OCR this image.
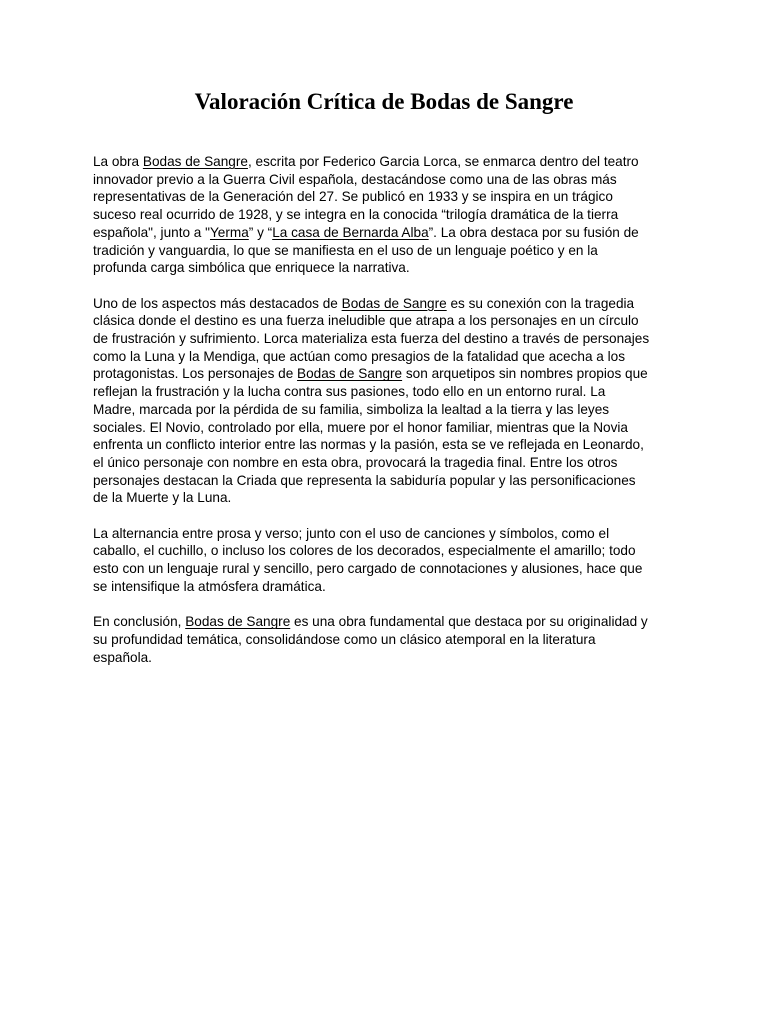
Valoración Crítica de Bodas de Sangre

La obra Bodas de Sangre, escrita por Federico Garcia Lorca, se enmarca dentro del teatro
innovador previo a la Guerra Civil española, destacándose como una de las obras más
representativas de la Generación del 27. Se publicó en 1933 y se inspira en un trágico
suceso real ocurrido de 1928, y se integra en la conocida “trilogía dramática de la tierra
española", junto a "Yerma” y “La casa de Bernarda Alba”. La obra destaca por su fusión de
tradición y vanguardia, lo que se manifiesta en el uso de un lenguaje poético y en la
profunda carga simbólica que enriquece la narrativa.

Uno de los aspectos más destacados de Bodas de Sangre es su conexión con la tragedia
clásica donde el destino es una fuerza ineludible que atrapa a los personajes en un círculo
de frustración y sufrimiento. Lorca materializa esta fuerza del destino a través de personajes
como la Luna y la Mendiga, que actúan como presagios de la fatalidad que acecha a los
protagonistas. Los personajes de Bodas de Sangre son arquetipos sin nombres propios que
reflejan la frustración y la lucha contra sus pasiones, todo ello en un entorno rural. La
Madre, marcada por la pérdida de su familia, simboliza la lealtad a la tierra y las leyes
sociales. El Novio, controlado por ella, muere por el honor familiar, mientras que la Novia
enfrenta un conflicto interior entre las normas y la pasión, esta se ve reflejada en Leonardo,
el único personaje con nombre en esta obra, provocará la tragedia final. Entre los otros
personajes destacan la Criada que representa la sabiduría popular y las personificaciones
de la Muerte y la Luna.

La alternancia entre prosa y verso; junto con el uso de canciones y símbolos, como el
caballo, el cuchillo, o incluso los colores de los decorados, especialmente el amarillo; todo
esto con un lenguaje rural y sencillo, pero cargado de connotaciones y alusiones, hace que
se intensifique la atmósfera dramática.

En conclusión, Bodas de Sangre es una obra fundamental que destaca por su originalidad y
su profundidad temática, consolidándose como un clásico atemporal en la literatura
española.
